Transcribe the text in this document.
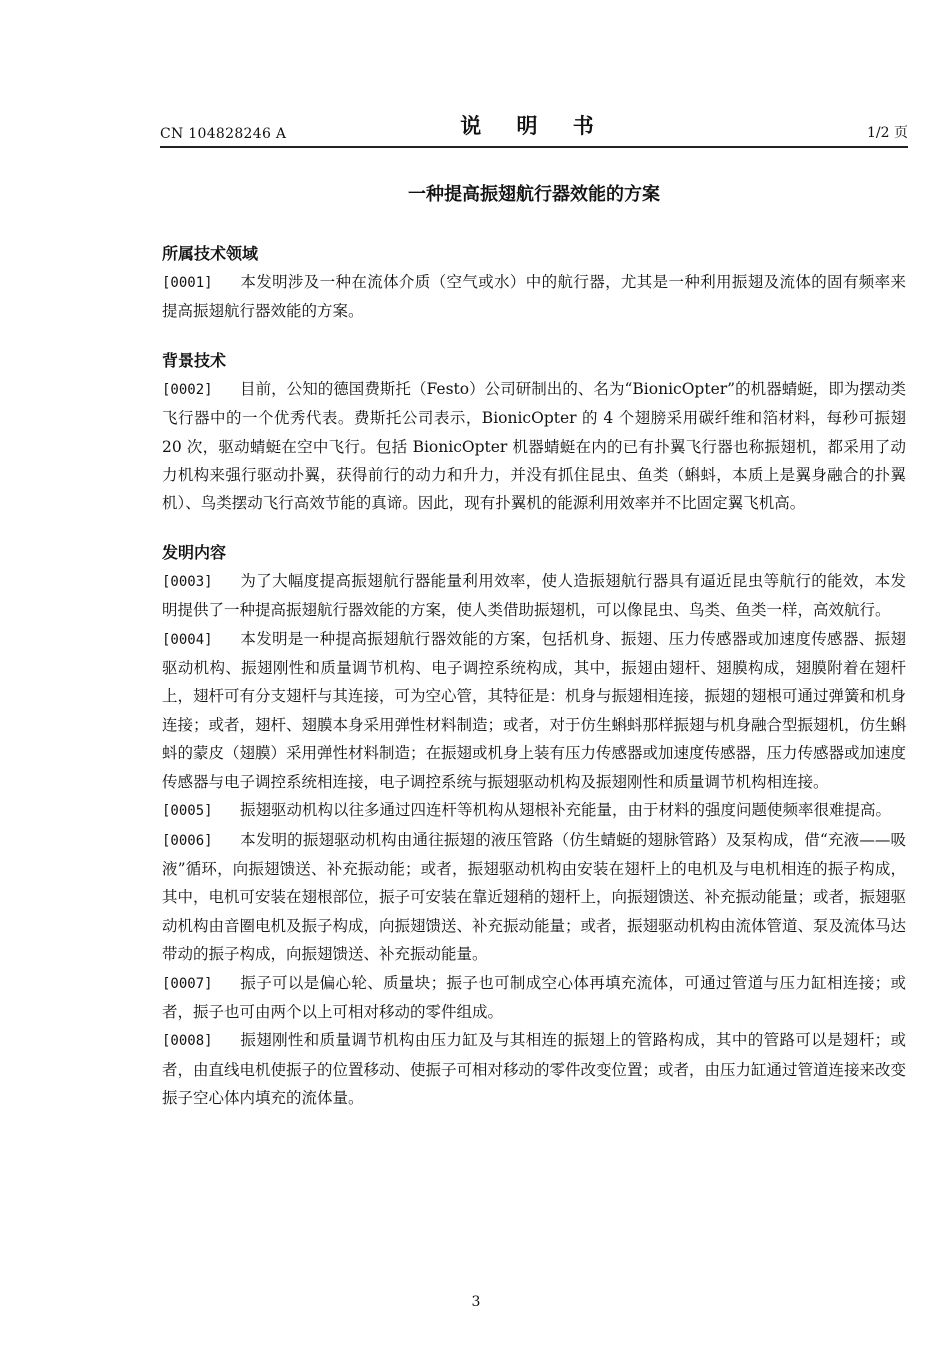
CN 104828246 A	说 明 书	1/2 页
一种提高振翅航行器效能的方案

所属技术领域

[0001] 本发明涉及一种在流体介质（空气或水）中的航行器，尤其是一种利用振翅及流体的固有频率来提高振翅航行器效能的方案。

背景技术

[0002] 目前，公知的德国费斯托（Festo）公司研制出的、名为“BionicOpter”的机器蜻蜓，即为摆动类飞行器中的一个优秀代表。费斯托公司表示，BionicOpter 的 4 个翅膀采用碳纤维和箔材料，每秒可振翅 20 次，驱动蜻蜓在空中飞行。包括 BionicOpter 机器蜻蜓在内的已有扑翼飞行器也称振翅机，都采用了动力机构来强行驱动扑翼，获得前行的动力和升力，并没有抓住昆虫、鱼类（蝌蚪，本质上是翼身融合的扑翼机）、鸟类摆动飞行高效节能的真谛。因此，现有扑翼机的能源利用效率并不比固定翼飞机高。

发明内容

[0003] 为了大幅度提高振翅航行器能量利用效率，使人造振翅航行器具有逼近昆虫等航行的能效，本发明提供了一种提高振翅航行器效能的方案，使人类借助振翅机，可以像昆虫、鸟类、鱼类一样，高效航行。

[0004] 本发明是一种提高振翅航行器效能的方案，包括机身、振翅、压力传感器或加速度传感器、振翅驱动机构、振翅刚性和质量调节机构、电子调控系统构成，其中，振翅由翅杆、翅膜构成，翅膜附着在翅杆上，翅杆可有分支翅杆与其连接，可为空心管，其特征是：机身与振翅相连接，振翅的翅根可通过弹簧和机身连接；或者，翅杆、翅膜本身采用弹性材料制造；或者，对于仿生蝌蚪那样振翅与机身融合型振翅机，仿生蝌蚪的蒙皮（翅膜）采用弹性材料制造；在振翅或机身上装有压力传感器或加速度传感器，压力传感器或加速度传感器与电子调控系统相连接，电子调控系统与振翅驱动机构及振翅刚性和质量调节机构相连接。

[0005] 振翅驱动机构以往多通过四连杆等机构从翅根补充能量，由于材料的强度问题使频率很难提高。

[0006] 本发明的振翅驱动机构由通往振翅的液压管路（仿生蜻蜓的翅脉管路）及泵构成，借“充液——吸液”循环，向振翅馈送、补充振动能；或者，振翅驱动机构由安装在翅杆上的电机及与电机相连的振子构成，其中，电机可安装在翅根部位，振子可安装在靠近翅稍的翅杆上，向振翅馈送、补充振动能量；或者，振翅驱动机构由音圈电机及振子构成，向振翅馈送、补充振动能量；或者，振翅驱动机构由流体管道、泵及流体马达带动的振子构成，向振翅馈送、补充振动能量。

[0007] 振子可以是偏心轮、质量块；振子也可制成空心体再填充流体，可通过管道与压力缸相连接；或者，振子也可由两个以上可相对移动的零件组成。

[0008] 振翅刚性和质量调节机构由压力缸及与其相连的振翅上的管路构成，其中的管路可以是翅杆；或者，由直线电机使振子的位置移动、使振子可相对移动的零件改变位置；或者，由压力缸通过管道连接来改变振子空心体内填充的流体量。

3
